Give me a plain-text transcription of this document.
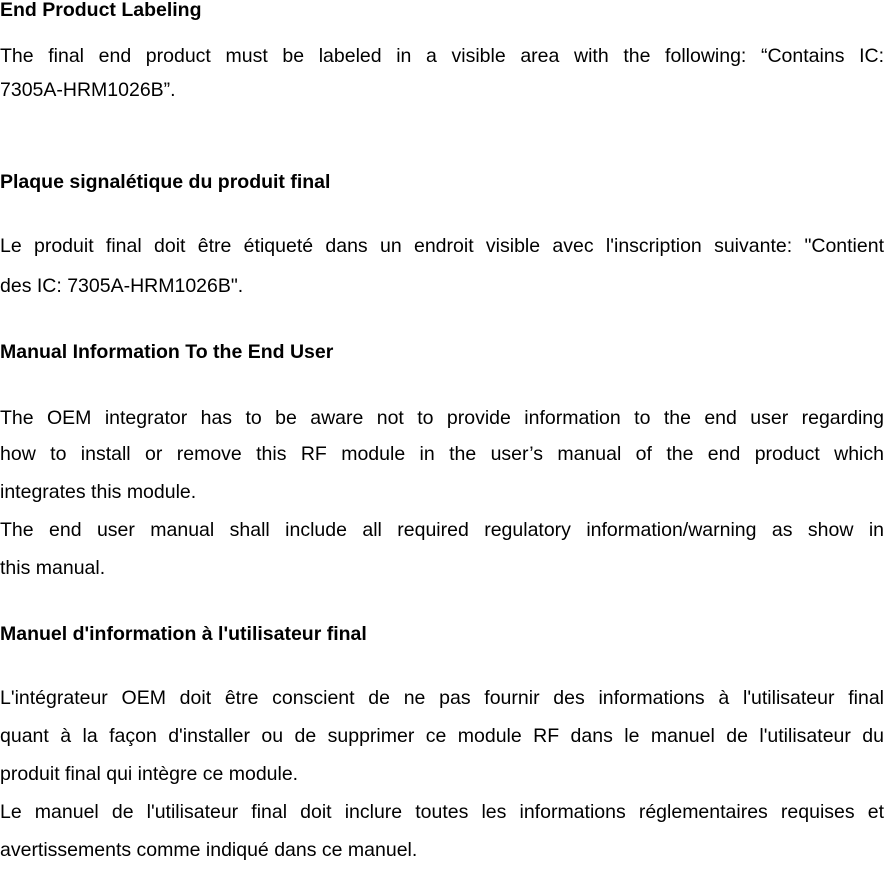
End Product Labeling
The final end product must be labeled in a visible area with the following: “Contains IC:
7305A-HRM1026B”.
Plaque signalétique du produit final
Le produit final doit être étiqueté dans un endroit visible avec l'inscription suivante: "Contient
des IC: 7305A-HRM1026B".
Manual Information To the End User
The OEM integrator has to be aware not to provide information to the end user regarding
how to install or remove this RF module in the user’s manual of the end product which
integrates this module.
The end user manual shall include all required regulatory information/warning as show in
this manual.
Manuel d'information à l'utilisateur final
L'intégrateur OEM doit être conscient de ne pas fournir des informations à l'utilisateur final
quant à la façon d'installer ou de supprimer ce module RF dans le manuel de l'utilisateur du
produit final qui intègre ce module.
Le manuel de l'utilisateur final doit inclure toutes les informations réglementaires requises et
avertissements comme indiqué dans ce manuel.
